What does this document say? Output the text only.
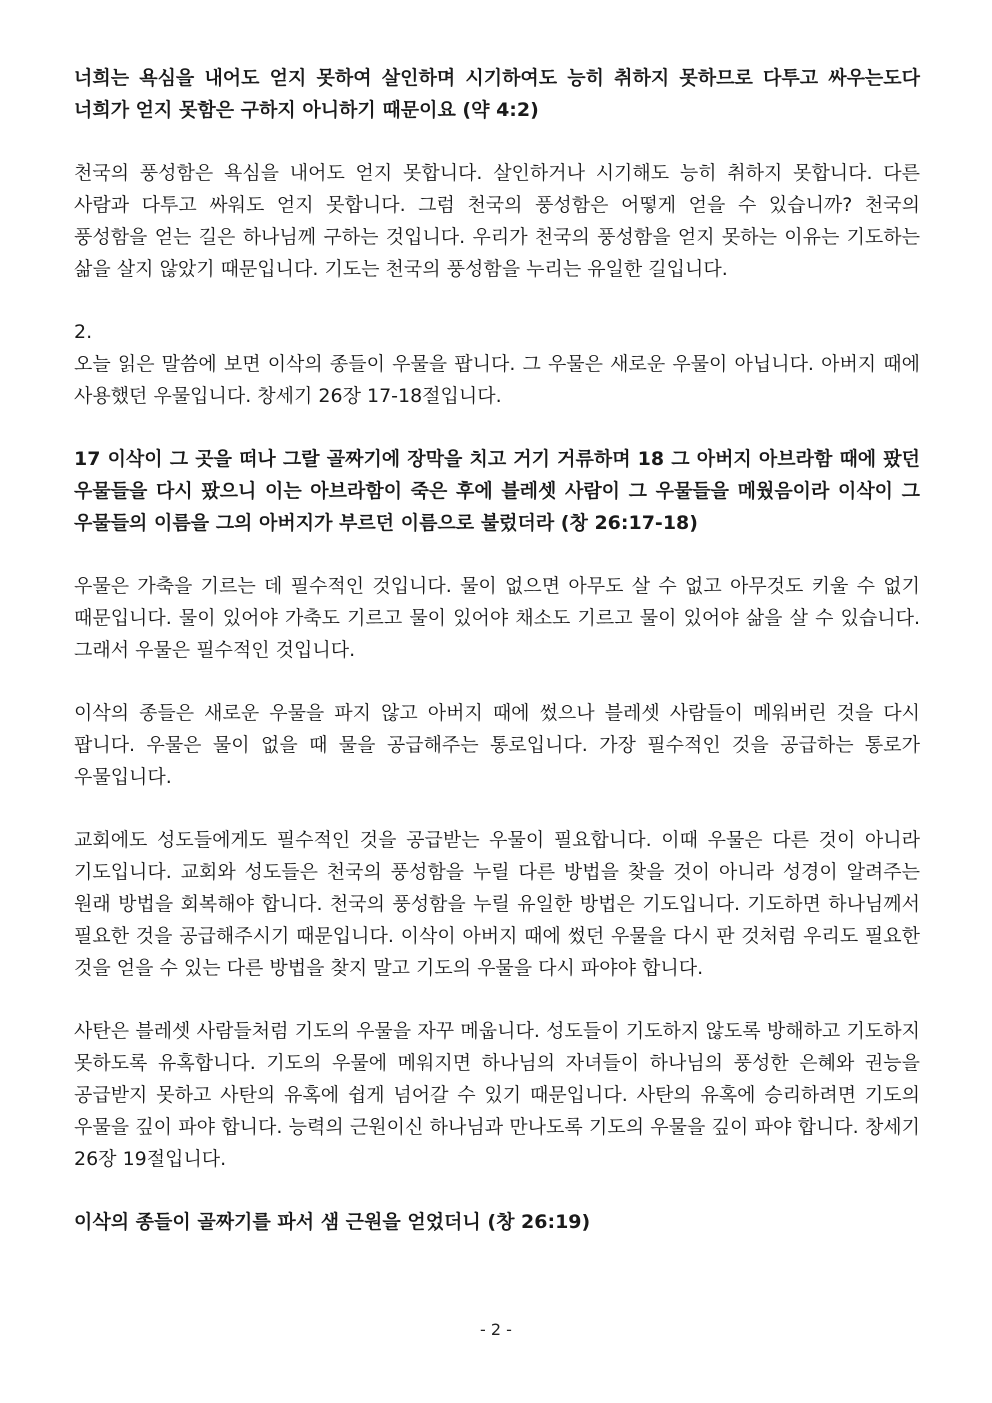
너희는 욕심을 내어도 얻지 못하여 살인하며 시기하여도 능히 취하지 못하므로 다투고 싸우는도다 너희가 얻지 못함은 구하지 아니하기 때문이요 (약 4:2)

천국의 풍성함은 욕심을 내어도 얻지 못합니다. 살인하거나 시기해도 능히 취하지 못합니다. 다른 사람과 다투고 싸워도 얻지 못합니다. 그럼 천국의 풍성함은 어떻게 얻을 수 있습니까? 천국의 풍성함을 얻는 길은 하나님께 구하는 것입니다. 우리가 천국의 풍성함을 얻지 못하는 이유는 기도하는 삶을 살지 않았기 때문입니다. 기도는 천국의 풍성함을 누리는 유일한 길입니다.

2.

오늘 읽은 말씀에 보면 이삭의 종들이 우물을 팝니다. 그 우물은 새로운 우물이 아닙니다. 아버지 때에 사용했던 우물입니다. 창세기 26장 17-18절입니다.

17 이삭이 그 곳을 떠나 그랄 골짜기에 장막을 치고 거기 거류하며 18 그 아버지 아브라함 때에 팠던 우물들을 다시 팠으니 이는 아브라함이 죽은 후에 블레셋 사람이 그 우물들을 메웠음이라 이삭이 그 우물들의 이름을 그의 아버지가 부르던 이름으로 불렀더라 (창 26:17-18)

우물은 가축을 기르는 데 필수적인 것입니다. 물이 없으면 아무도 살 수 없고 아무것도 키울 수 없기 때문입니다. 물이 있어야 가축도 기르고 물이 있어야 채소도 기르고 물이 있어야 삶을 살 수 있습니다. 그래서 우물은 필수적인 것입니다.

이삭의 종들은 새로운 우물을 파지 않고 아버지 때에 썼으나 블레셋 사람들이 메워버린 것을 다시 팝니다. 우물은 물이 없을 때 물을 공급해주는 통로입니다. 가장 필수적인 것을 공급하는 통로가 우물입니다.

교회에도 성도들에게도 필수적인 것을 공급받는 우물이 필요합니다. 이때 우물은 다른 것이 아니라 기도입니다. 교회와 성도들은 천국의 풍성함을 누릴 다른 방법을 찾을 것이 아니라 성경이 알려주는 원래 방법을 회복해야 합니다. 천국의 풍성함을 누릴 유일한 방법은 기도입니다. 기도하면 하나님께서 필요한 것을 공급해주시기 때문입니다. 이삭이 아버지 때에 썼던 우물을 다시 판 것처럼 우리도 필요한 것을 얻을 수 있는 다른 방법을 찾지 말고 기도의 우물을 다시 파야야 합니다.

사탄은 블레셋 사람들처럼 기도의 우물을 자꾸 메웁니다. 성도들이 기도하지 않도록 방해하고 기도하지 못하도록 유혹합니다. 기도의 우물에 메워지면 하나님의 자녀들이 하나님의 풍성한 은혜와 권능을 공급받지 못하고 사탄의 유혹에 쉽게 넘어갈 수 있기 때문입니다. 사탄의 유혹에 승리하려면 기도의 우물을 깊이 파야 합니다. 능력의 근원이신 하나님과 만나도록 기도의 우물을 깊이 파야 합니다. 창세기 26장 19절입니다.

이삭의 종들이 골짜기를 파서 샘 근원을 얻었더니 (창 26:19)

- 2 -
